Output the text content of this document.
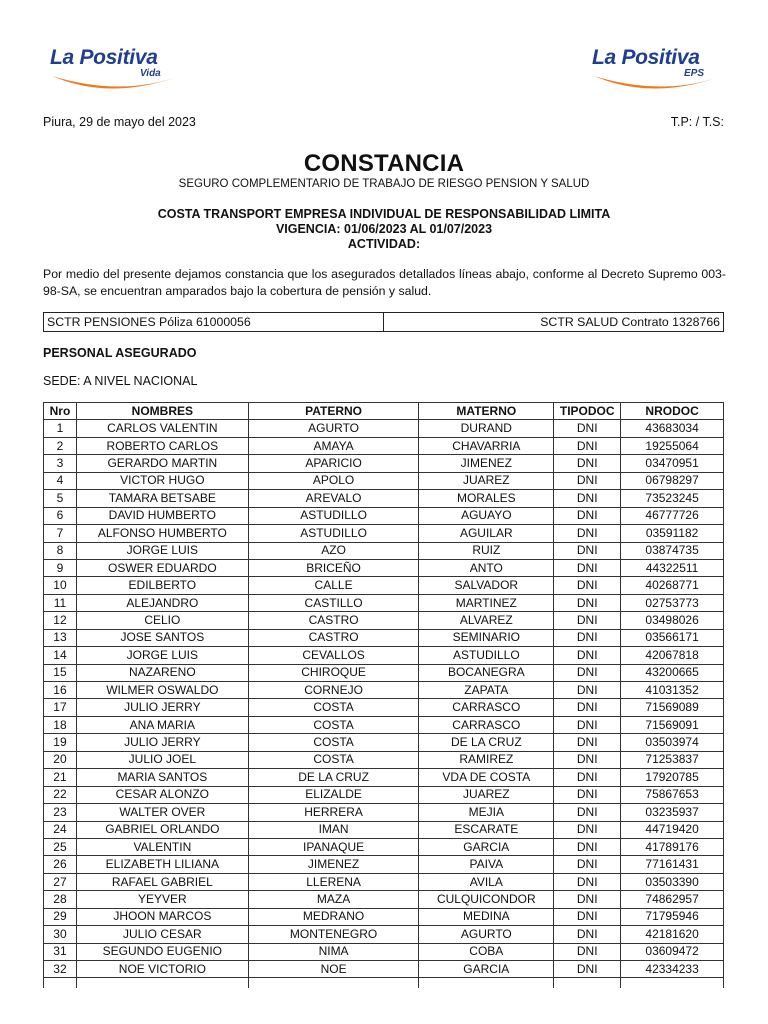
La Positiva
Vida
La Positiva
EPS
Piura, 29 de mayo del 2023	T.P: / T.S:
CONSTANCIA
SEGURO COMPLEMENTARIO DE TRABAJO DE RIESGO PENSION Y SALUD
COSTA TRANSPORT EMPRESA INDIVIDUAL DE RESPONSABILIDAD LIMITA
VIGENCIA: 01/06/2023 AL 01/07/2023
ACTIVIDAD:
Por medio del presente dejamos constancia que los asegurados detallados líneas abajo, conforme al Decreto Supremo 003-98-SA, se encuentran amparados bajo la cobertura de pensión y salud.
SCTR PENSIONES Póliza 61000056	SCTR SALUD Contrato 1328766
PERSONAL ASEGURADO
SEDE: A NIVEL NACIONAL
Nro	NOMBRES	PATERNO	MATERNO	TIPODOC	NRODOC
1	CARLOS VALENTIN	AGURTO	DURAND	DNI	43683034
2	ROBERTO CARLOS	AMAYA	CHAVARRIA	DNI	19255064
3	GERARDO MARTIN	APARICIO	JIMENEZ	DNI	03470951
4	VICTOR HUGO	APOLO	JUAREZ	DNI	06798297
5	TAMARA BETSABE	AREVALO	MORALES	DNI	73523245
6	DAVID HUMBERTO	ASTUDILLO	AGUAYO	DNI	46777726
7	ALFONSO HUMBERTO	ASTUDILLO	AGUILAR	DNI	03591182
8	JORGE LUIS	AZO	RUIZ	DNI	03874735
9	OSWER EDUARDO	BRICEÑO	ANTO	DNI	44322511
10	EDILBERTO	CALLE	SALVADOR	DNI	40268771
11	ALEJANDRO	CASTILLO	MARTINEZ	DNI	02753773
12	CELIO	CASTRO	ALVAREZ	DNI	03498026
13	JOSE SANTOS	CASTRO	SEMINARIO	DNI	03566171
14	JORGE LUIS	CEVALLOS	ASTUDILLO	DNI	42067818
15	NAZARENO	CHIROQUE	BOCANEGRA	DNI	43200665
16	WILMER OSWALDO	CORNEJO	ZAPATA	DNI	41031352
17	JULIO JERRY	COSTA	CARRASCO	DNI	71569089
18	ANA MARIA	COSTA	CARRASCO	DNI	71569091
19	JULIO JERRY	COSTA	DE LA CRUZ	DNI	03503974
20	JULIO JOEL	COSTA	RAMIREZ	DNI	71253837
21	MARIA SANTOS	DE LA CRUZ	VDA DE COSTA	DNI	17920785
22	CESAR ALONZO	ELIZALDE	JUAREZ	DNI	75867653
23	WALTER OVER	HERRERA	MEJIA	DNI	03235937
24	GABRIEL ORLANDO	IMAN	ESCARATE	DNI	44719420
25	VALENTIN	IPANAQUE	GARCIA	DNI	41789176
26	ELIZABETH LILIANA	JIMENEZ	PAIVA	DNI	77161431
27	RAFAEL GABRIEL	LLERENA	AVILA	DNI	03503390
28	YEYVER	MAZA	CULQUICONDOR	DNI	74862957
29	JHOON MARCOS	MEDRANO	MEDINA	DNI	71795946
30	JULIO CESAR	MONTENEGRO	AGURTO	DNI	42181620
31	SEGUNDO EUGENIO	NIMA	COBA	DNI	03609472
32	NOE VICTORIO	NOE	GARCIA	DNI	42334233
